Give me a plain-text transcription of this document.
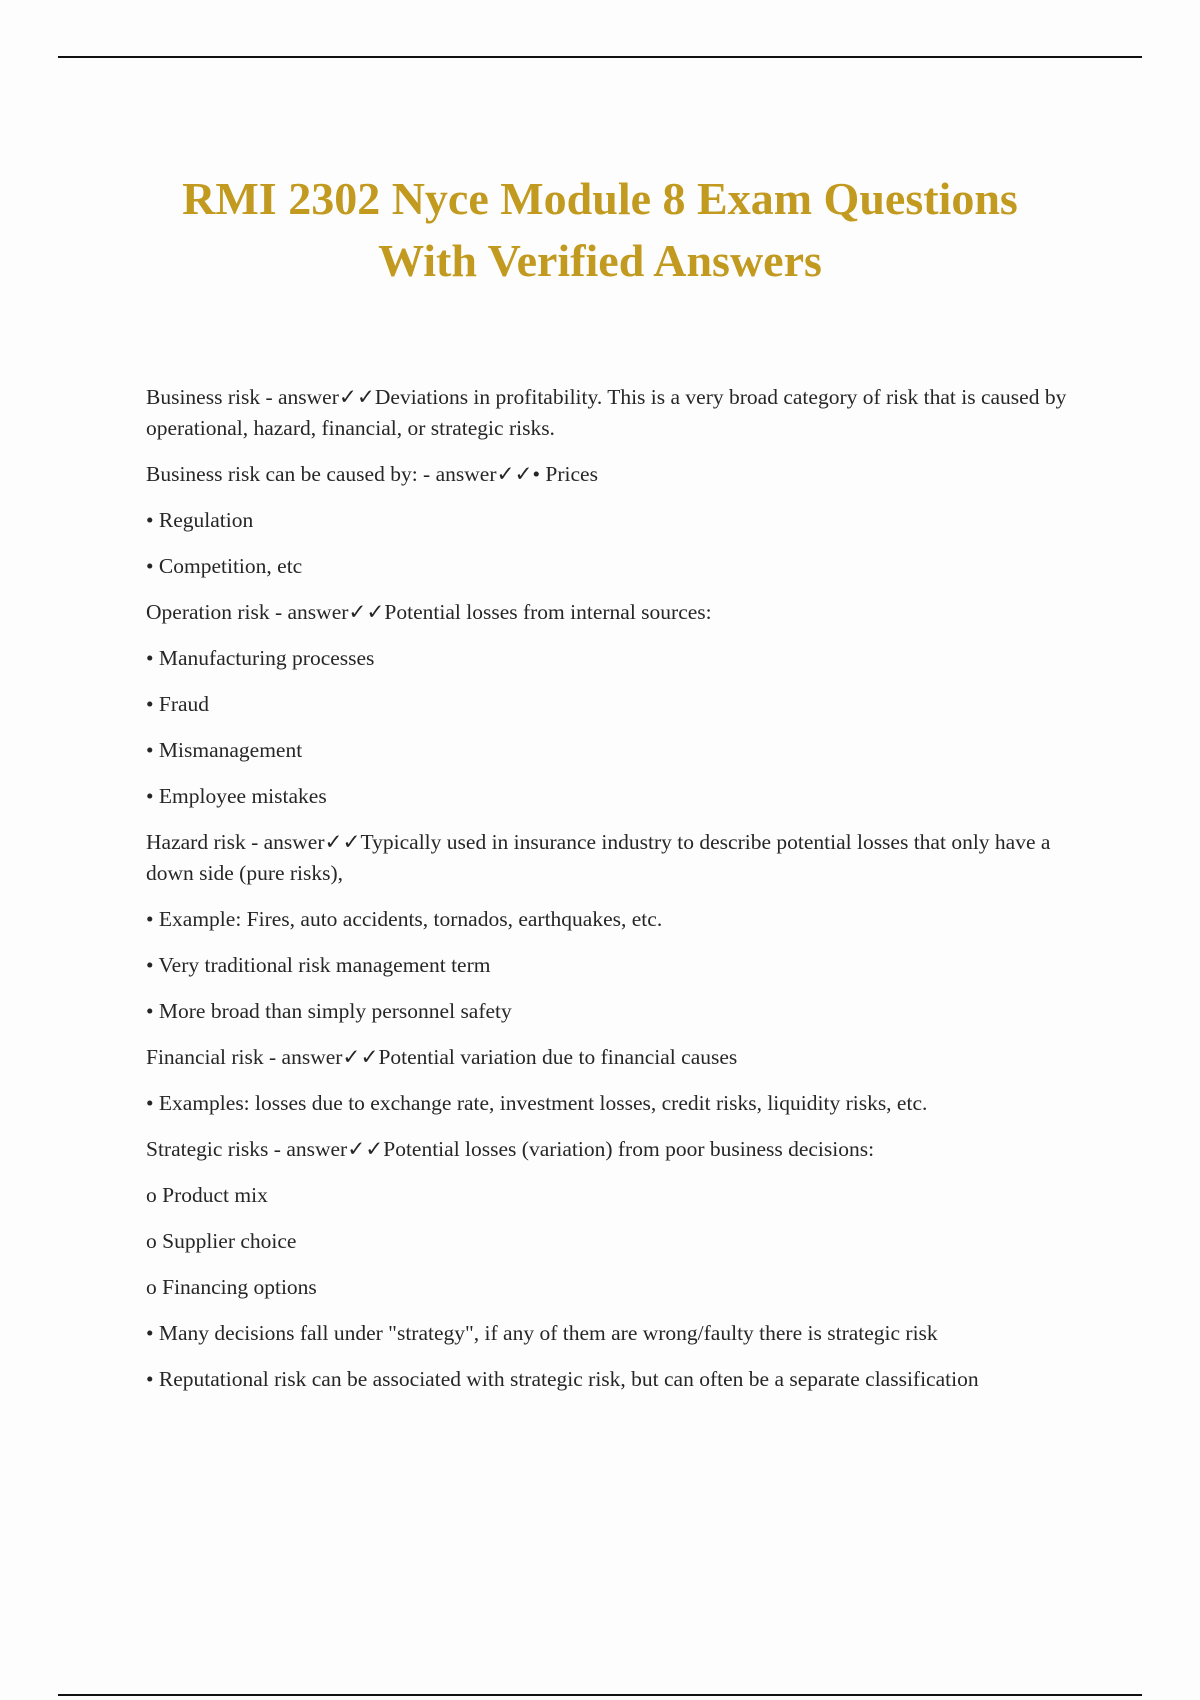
RMI 2302 Nyce Module 8 Exam Questions
With Verified Answers

Business risk - answer✓✓Deviations in profitability. This is a very broad category of risk that is caused by operational, hazard, financial, or strategic risks.

Business risk can be caused by: - answer✓✓• Prices

• Regulation

• Competition, etc

Operation risk - answer✓✓Potential losses from internal sources:

• Manufacturing processes

• Fraud

• Mismanagement

• Employee mistakes

Hazard risk - answer✓✓Typically used in insurance industry to describe potential losses that only have a down side (pure risks),

• Example: Fires, auto accidents, tornados, earthquakes, etc.

• Very traditional risk management term

• More broad than simply personnel safety

Financial risk - answer✓✓Potential variation due to financial causes

• Examples: losses due to exchange rate, investment losses, credit risks, liquidity risks, etc.

Strategic risks - answer✓✓Potential losses (variation) from poor business decisions:

o Product mix

o Supplier choice

o Financing options

• Many decisions fall under "strategy", if any of them are wrong/faulty there is strategic risk

• Reputational risk can be associated with strategic risk, but can often be a separate classification
